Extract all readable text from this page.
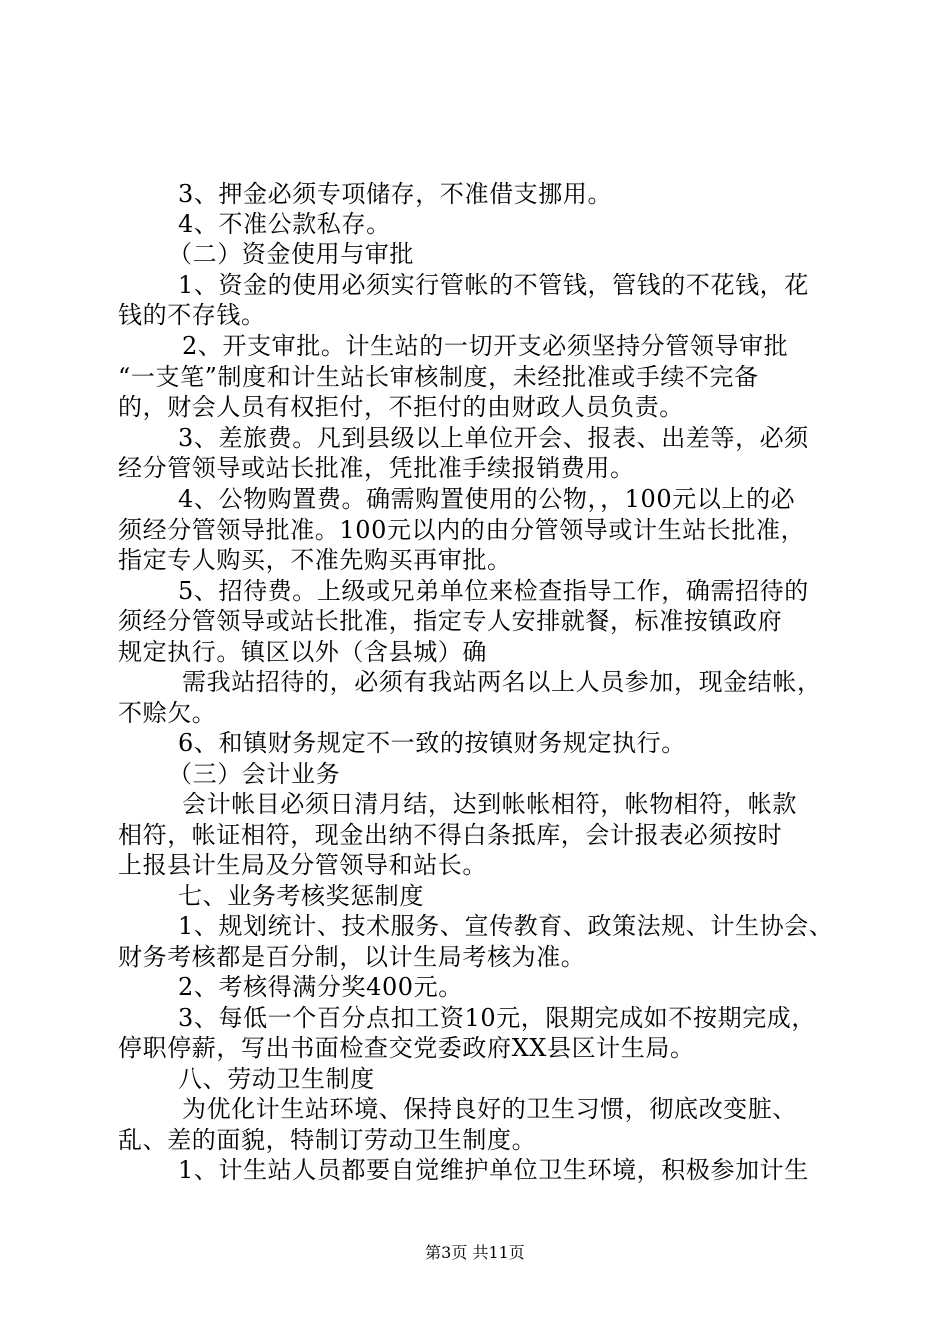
3、押金必须专项储存，不准借支挪用。
4、不准公款私存。
（二）资金使用与审批
1、资金的使用必须实行管帐的不管钱，管钱的不花钱，花
钱的不存钱。
2、开支审批。计生站的一切开支必须坚持分管领导审批
“一支笔”制度和计生站长审核制度，未经批准或手续不完备
的，财会人员有权拒付，不拒付的由财政人员负责。
3、差旅费。凡到县级以上单位开会、报表、出差等，必须
经分管领导或站长批准，凭批准手续报销费用。
4、公物购置费。确需购置使用的公物，，100元以上的必
须经分管领导批准。100元以内的由分管领导或计生站长批准，
指定专人购买，不准先购买再审批。
5、招待费。上级或兄弟单位来检查指导工作，确需招待的
须经分管领导或站长批准，指定专人安排就餐，标准按镇政府
规定执行。镇区以外（含县城）确
需我站招待的，必须有我站两名以上人员参加，现金结帐，
不赊欠。
6、和镇财务规定不一致的按镇财务规定执行。
（三）会计业务
会计帐目必须日清月结，达到帐帐相符，帐物相符，帐款
相符，帐证相符，现金出纳不得白条抵库，会计报表必须按时
上报县计生局及分管领导和站长。
七、业务考核奖惩制度
1、规划统计、技术服务、宣传教育、政策法规、计生协会、
财务考核都是百分制，以计生局考核为准。
2、考核得满分奖400元。
3、每低一个百分点扣工资10元，限期完成如不按期完成，
停职停薪，写出书面检查交党委政府XX县区计生局。
八、劳动卫生制度
为优化计生站环境、保持良好的卫生习惯，彻底改变脏、
乱、差的面貌，特制订劳动卫生制度。
1、计生站人员都要自觉维护单位卫生环境，积极参加计生
第3页 共11页
